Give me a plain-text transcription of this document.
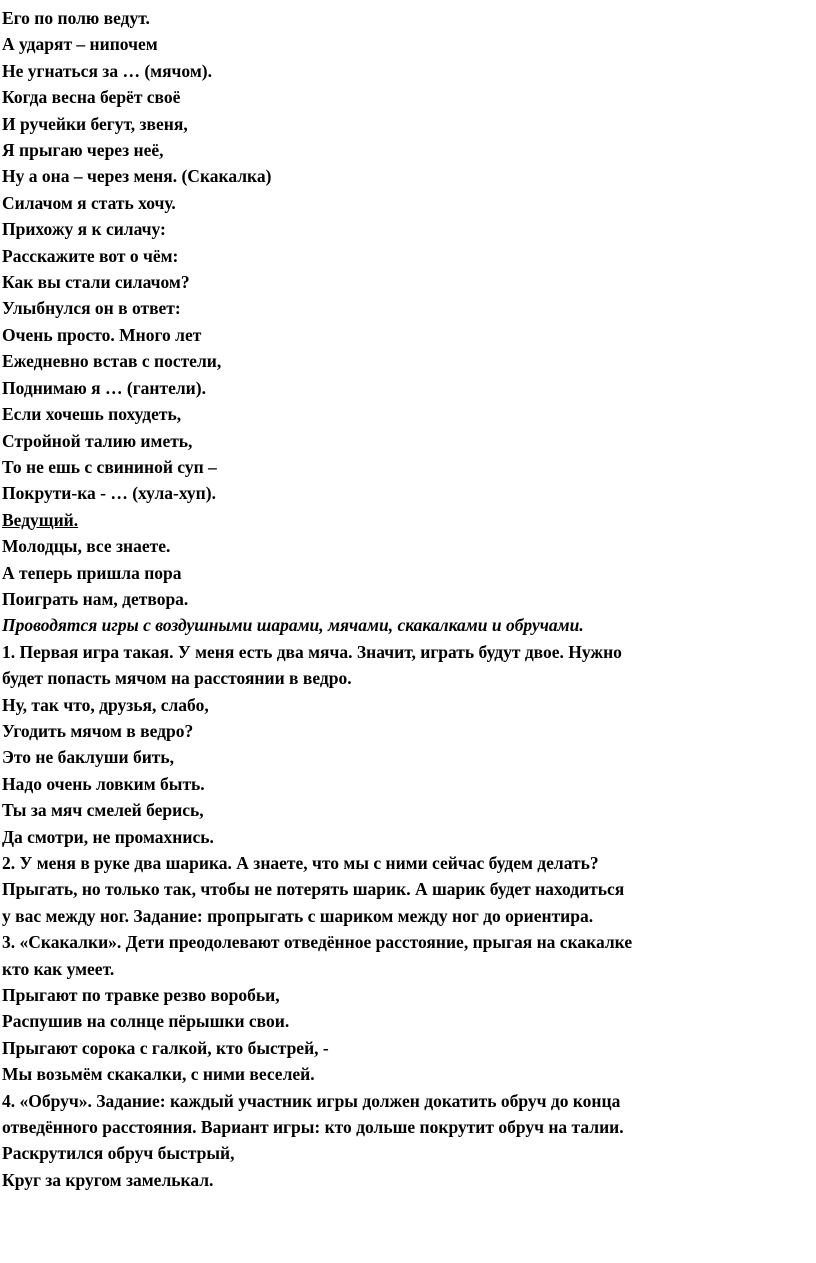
Его по полю ведут.

А ударят – нипочем

Не угнаться за … (мячом).

Когда весна берёт своё

И ручейки бегут, звеня,

Я прыгаю через неё,

Ну а она – через меня. (Скакалка)

Силачом я стать хочу.

Прихожу я к силачу:

Расскажите вот о чём:

Как вы стали силачом?

Улыбнулся он в ответ:

Очень просто. Много лет

Ежедневно встав с постели,

Поднимаю я … (гантели).

Если хочешь похудеть,

Стройной талию иметь,

То не ешь с свининой суп –

Покрути-ка - … (хула-хуп).

Ведущий.

Молодцы, все знаете.

А теперь пришла пора

Поиграть нам, детвора.

Проводятся игры с воздушными шарами, мячами, скакалками и обручами.

1. Первая игра такая. У меня есть два мяча. Значит, играть будут двое. Нужно

будет попасть мячом на расстоянии в ведро.

Ну, так что, друзья, слабо,

Угодить мячом в ведро?

Это не баклуши бить,

Надо очень ловким быть.

Ты за мяч смелей берись,

Да смотри, не промахнись.

2. У меня в руке два шарика. А знаете, что мы с ними сейчас будем делать?

Прыгать, но только так, чтобы не потерять шарик. А шарик будет находиться

у вас между ног. Задание: пропрыгать с шариком между ног до ориентира.

3. «Скакалки». Дети преодолевают отведённое расстояние, прыгая на скакалке

кто как умеет.

Прыгают по травке резво воробьи,

Распушив на солнце пёрышки свои.

Прыгают сорока с галкой, кто быстрей, -

Мы возьмём скакалки, с ними веселей.

4. «Обруч». Задание: каждый участник игры должен докатить обруч до конца

отведённого расстояния. Вариант игры: кто дольше покрутит обруч на талии.

Раскрутился обруч быстрый,

Круг за кругом замелькал.
